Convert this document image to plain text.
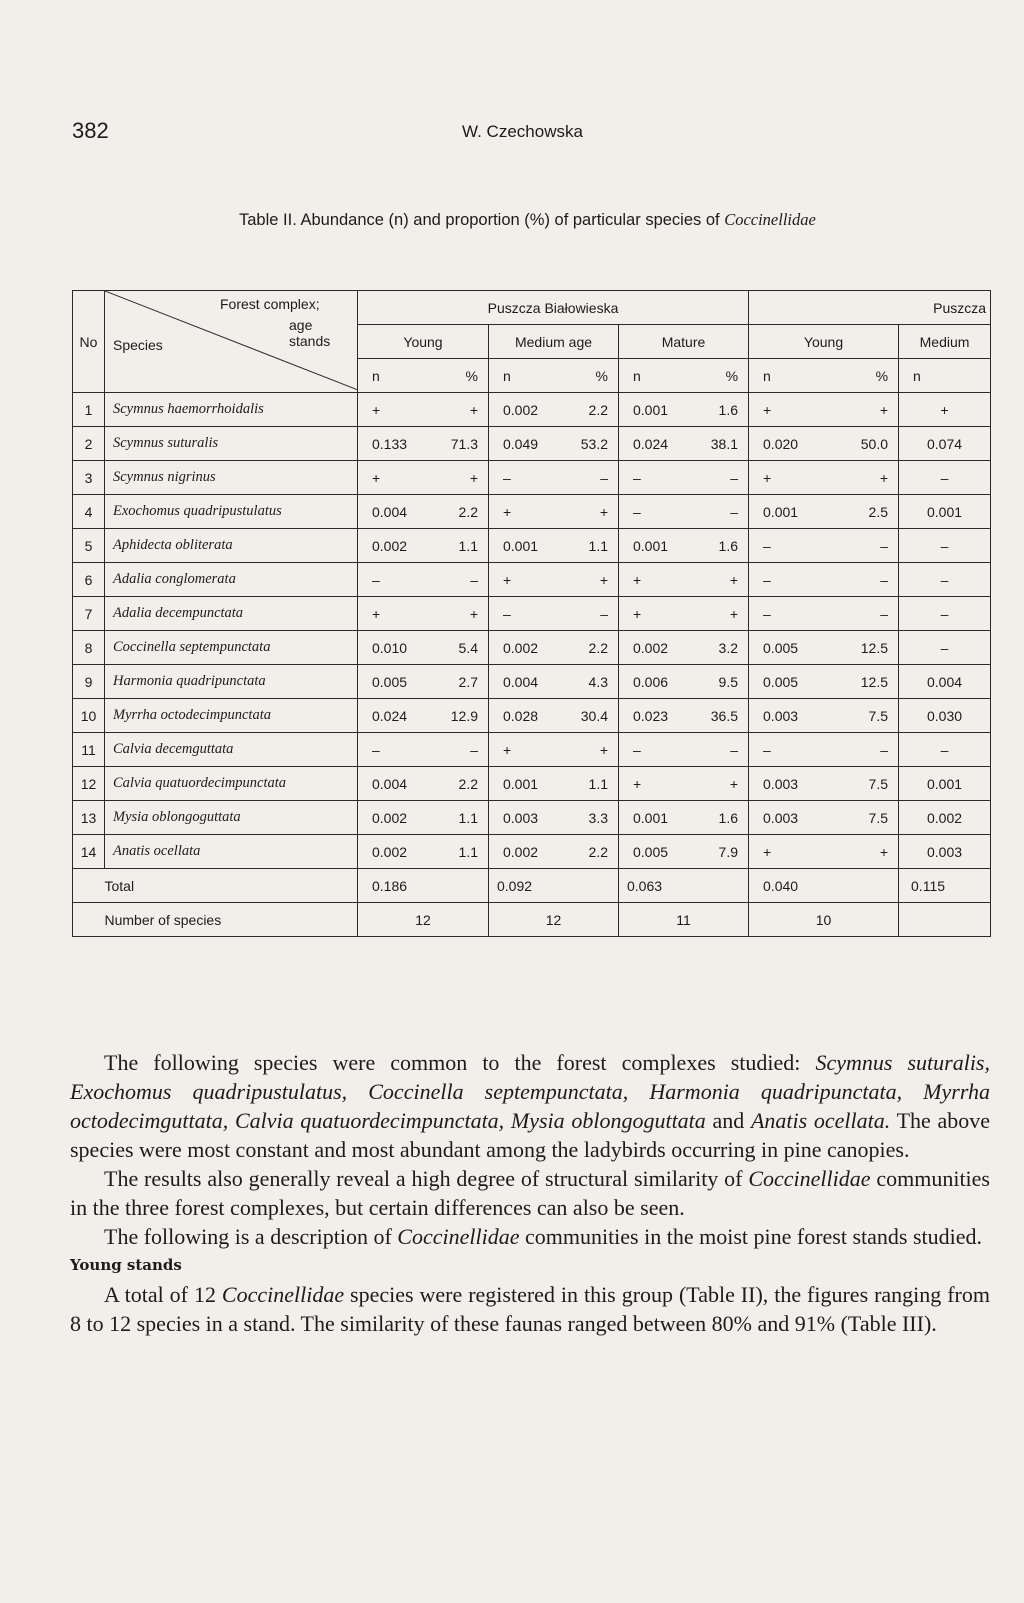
382	W. Czechowska
Table II. Abundance (n) and proportion (%) of particular species of Coccinellidae
No	Forest complex;
age stands
Species	Puszcza Białowieska			Puszcza	
		Young	Medium age	Mature	Young	Medium

		n %	n %	n %	n %	n

1	Scymnus haemorrhoidalis	+ +	0.002 2.2	0.001 1.6	+ +	+
2	Scymnus suturalis	0.133 71.3	0.049 53.2	0.024 38.1	0.020 50.0	0.074
3	Scymnus nigrinus	+ +	– –	– –	+ +	–
4	Exochomus quadripustulatus	0.004 2.2	+ +	– –	0.001 2.5	0.001
5	Aphidecta obliterata	0.002 1.1	0.001 1.1	0.001 1.6	– –	–
6	Adalia conglomerata	– –	+ +	+ +	– –	–
7	Adalia decempunctata	+ +	– –	+ +	– –	–
8	Coccinella septempunctata	0.010 5.4	0.002 2.2	0.002 3.2	0.005 12.5	–
9	Harmonia quadripunctata	0.005 2.7	0.004 4.3	0.006 9.5	0.005 12.5	0.004
10	Myrrha octodecimpunctata	0.024 12.9	0.028 30.4	0.023 36.5	0.003 7.5	0.030
11	Calvia decemguttata	– –	+ +	– –	– –	–
12	Calvia quatuordecimpunctata	0.004 2.2	0.001 1.1	+ +	0.003 7.5	0.001
13	Mysia oblongoguttata	0.002 1.1	0.003 3.3	0.001 1.6	0.003 7.5	0.002
14	Anatis ocellata	0.002 1.1	0.002 2.2	0.005 7.9	+ +	0.003
	Total	0.186	0.092	0.063	0.040	0.115
	Number of species	12	12	11	10	

The following species were common to the forest complexes studied: Scymnus suturalis, Exochomus quadripustulatus, Coccinella septempunctata, Harmonia quadripunctata, Myrrha octodecimguttata, Calvia quatuordecimpunctata, Mysia oblongoguttata and Anatis ocellata. The above species were most constant and most abundant among the ladybirds occurring in pine canopies.

The results also generally reveal a high degree of structural similarity of Coccinellidae communities in the three forest complexes, but certain differences can also be seen.

The following is a description of Coccinellidae communities in the moist pine forest stands studied.

Young stands

A total of 12 Coccinellidae species were registered in this group (Table II), the figures ranging from 8 to 12 species in a stand. The similarity of these faunas ranged between 80% and 91% (Table III).
